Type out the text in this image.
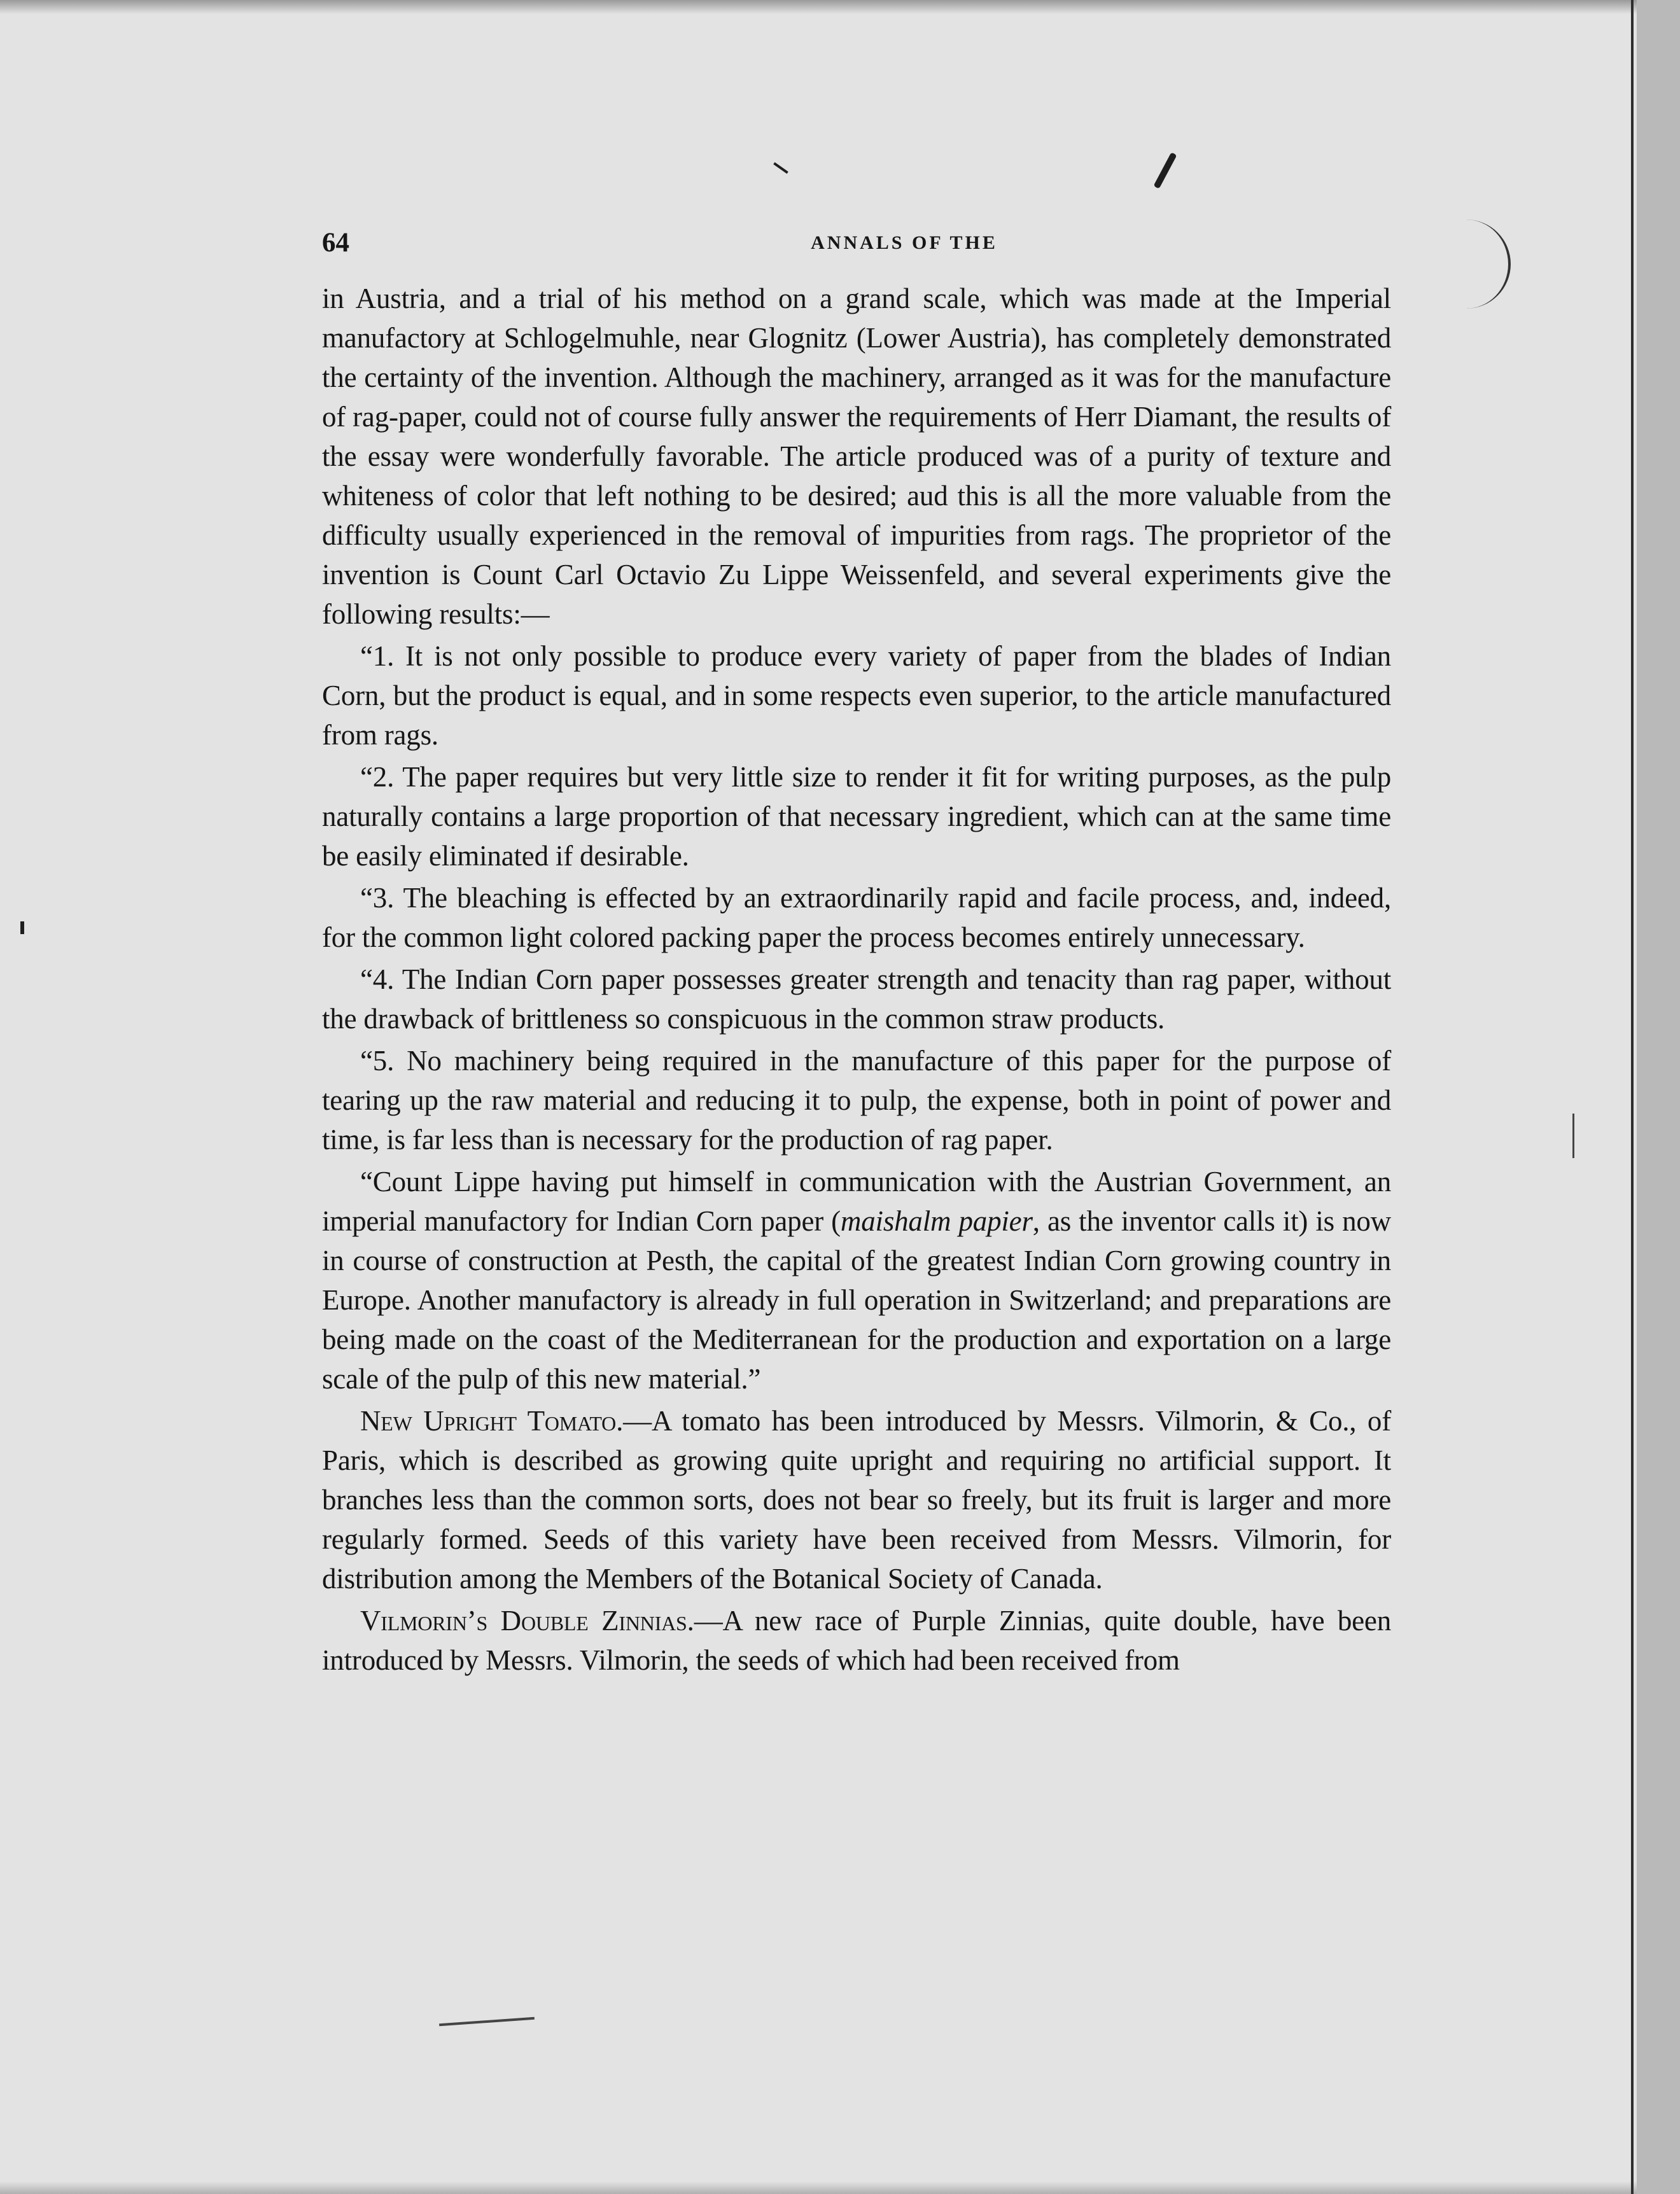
64	ANNALS OF THE

in Austria, and a trial of his method on a grand scale, which was made at the Imperial manufactory at Schlogelmuhle, near Glognitz (Lower Austria), has completely demonstrated the certainty of the invention. Although the machinery, arranged as it was for the manufacture of rag-paper, could not of course fully answer the requirements of Herr Diamant, the results of the essay were wonderfully favorable. The article produced was of a purity of texture and whiteness of color that left nothing to be desired; aud this is all the more valuable from the difficulty usually experienced in the removal of impurities from rags. The proprietor of the invention is Count Carl Octavio Zu Lippe Weissenfeld, and several experiments give the following results:—

“1. It is not only possible to produce every variety of paper from the blades of Indian Corn, but the product is equal, and in some respects even superior, to the article manufactured from rags.

“2. The paper requires but very little size to render it fit for writing purposes, as the pulp naturally contains a large proportion of that necessary ingredient, which can at the same time be easily eliminated if desirable.

“3. The bleaching is effected by an extraordinarily rapid and facile process, and, indeed, for the common light colored packing paper the process becomes entirely unnecessary.

“4. The Indian Corn paper possesses greater strength and tenacity than rag paper, without the drawback of brittleness so conspicuous in the common straw products.

“5. No machinery being required in the manufacture of this paper for the purpose of tearing up the raw material and reducing it to pulp, the expense, both in point of power and time, is far less than is necessary for the production of rag paper.

“Count Lippe having put himself in communication with the Austrian Government, an imperial manufactory for Indian Corn paper (maishalm papier, as the inventor calls it) is now in course of construction at Pesth, the capital of the greatest Indian Corn growing country in Europe. Another manufactory is already in full operation in Switzerland; and preparations are being made on the coast of the Mediterranean for the production and exportation on a large scale of the pulp of this new material.”

New Upright Tomato.—A tomato has been introduced by Messrs. Vilmorin, & Co., of Paris, which is described as growing quite upright and requiring no artificial support. It branches less than the common sorts, does not bear so freely, but its fruit is larger and more regularly formed. Seeds of this variety have been received from Messrs. Vilmorin, for distribution among the Members of the Botanical Society of Canada.

Vilmorin’s Double Zinnias.—A new race of Purple Zinnias, quite double, have been introduced by Messrs. Vilmorin, the seeds of which had been received from
